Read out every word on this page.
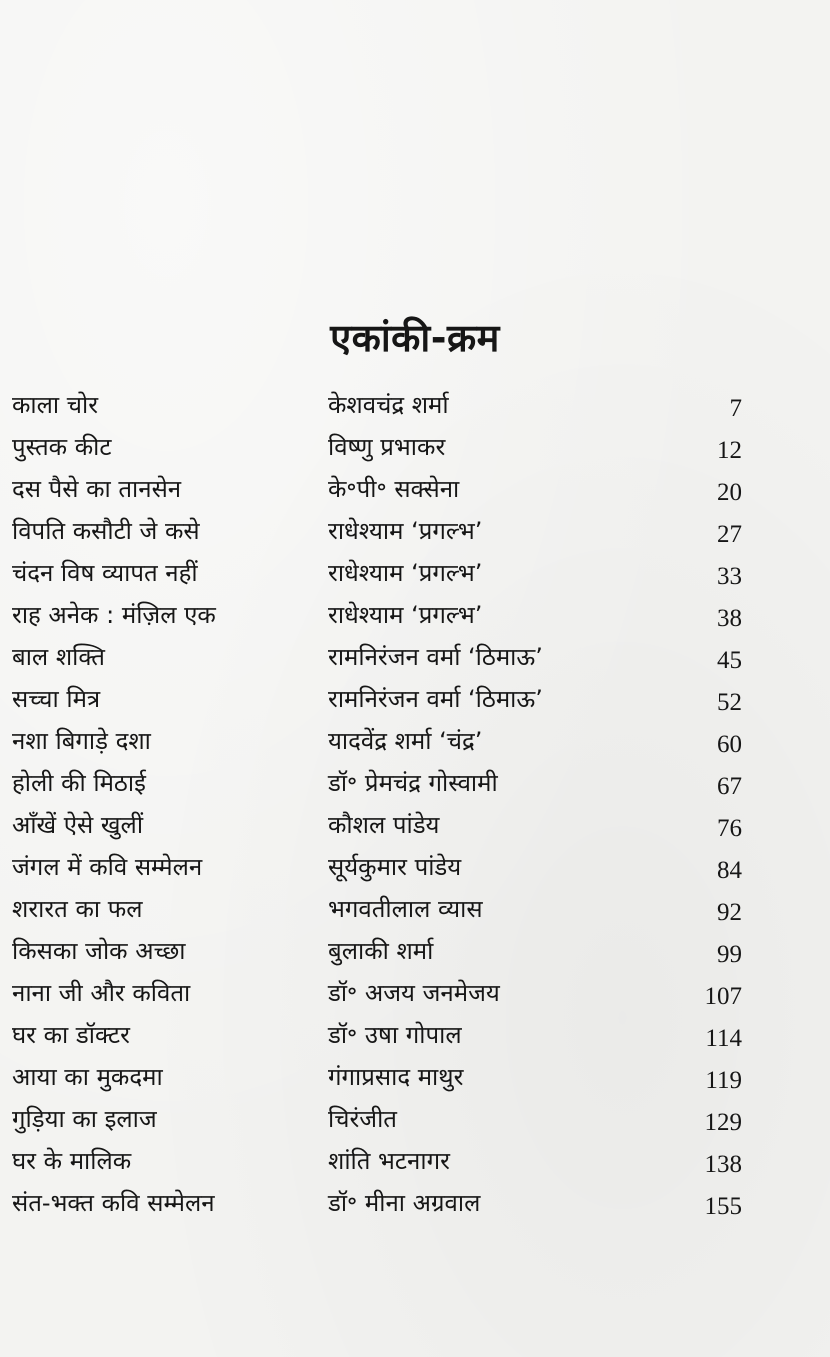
एकांकी-क्रम
काला चोर	केशवचंद्र शर्मा	7
पुस्तक कीट	विष्णु प्रभाकर	12
दस पैसे का तानसेन	के॰पी॰ सक्सेना	20
विपति कसौटी जे कसे	राधेश्याम ‘प्रगल्भ’	27
चंदन विष व्यापत नहीं	राधेश्याम ‘प्रगल्भ’	33
राह अनेक : मंज़िल एक	राधेश्याम ‘प्रगल्भ’	38
बाल शक्ति	रामनिरंजन वर्मा ‘ठिमाऊ’	45
सच्चा मित्र	रामनिरंजन वर्मा ‘ठिमाऊ’	52
नशा बिगाड़े दशा	यादवेंद्र शर्मा ‘चंद्र’	60
होली की मिठाई	डॉ॰ प्रेमचंद्र गोस्वामी	67
आँखें ऐसे खुलीं	कौशल पांडेय	76
जंगल में कवि सम्मेलन	सूर्यकुमार पांडेय	84
शरारत का फल	भगवतीलाल व्यास	92
किसका जोक अच्छा	बुलाकी शर्मा	99
नाना जी और कविता	डॉ॰ अजय जनमेजय	107
घर का डॉक्टर	डॉ॰ उषा गोपाल	114
आया का मुकदमा	गंगाप्रसाद माथुर	119
गुड़िया का इलाज	चिरंजीत	129
घर के मालिक	शांति भटनागर	138
संत-भक्त कवि सम्मेलन	डॉ॰ मीना अग्रवाल	155
